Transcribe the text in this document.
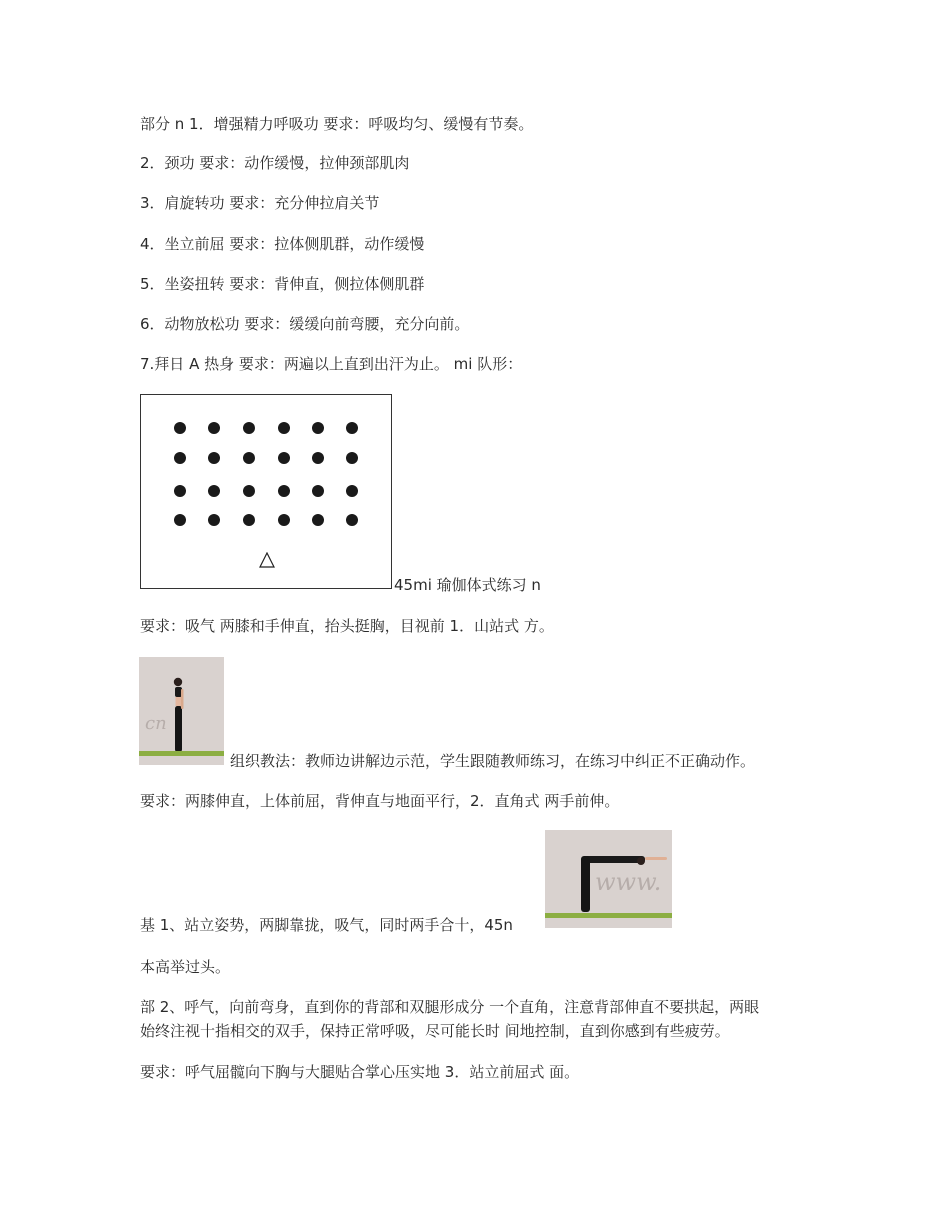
部分 n 1．增强精力呼吸功 要求：呼吸均匀、缓慢有节奏。
2．颈功 要求：动作缓慢，拉伸颈部肌肉
3．肩旋转功 要求：充分伸拉肩关节
4．坐立前屈 要求：拉体侧肌群，动作缓慢
5．坐姿扭转 要求：背伸直，侧拉体侧肌群
6．动物放松功 要求：缓缓向前弯腰，充分向前。
7.拜日 A 热身 要求：两遍以上直到出汗为止。 mi 队形：
45mi 瑜伽体式练习 n
要求：吸气 两膝和手伸直，抬头挺胸，目视前 1．山站式 方。
cn
组织教法：教师边讲解边示范，学生跟随教师练习，在练习中纠正不正确动作。
要求：两膝伸直，上体前屈，背伸直与地面平行，2．直角式 两手前伸。
www.
基 1、站立姿势，两脚靠拢，吸气，同时两手合十，45n
本高举过头。
部 2、呼气，向前弯身，直到你的背部和双腿形成分 一个直角，注意背部伸直不要拱起，两眼
始终注视十指相交的双手，保持正常呼吸，尽可能长时 间地控制，直到你感到有些疲劳。
要求：呼气屈髋向下胸与大腿贴合掌心压实地 3．站立前屈式 面。
